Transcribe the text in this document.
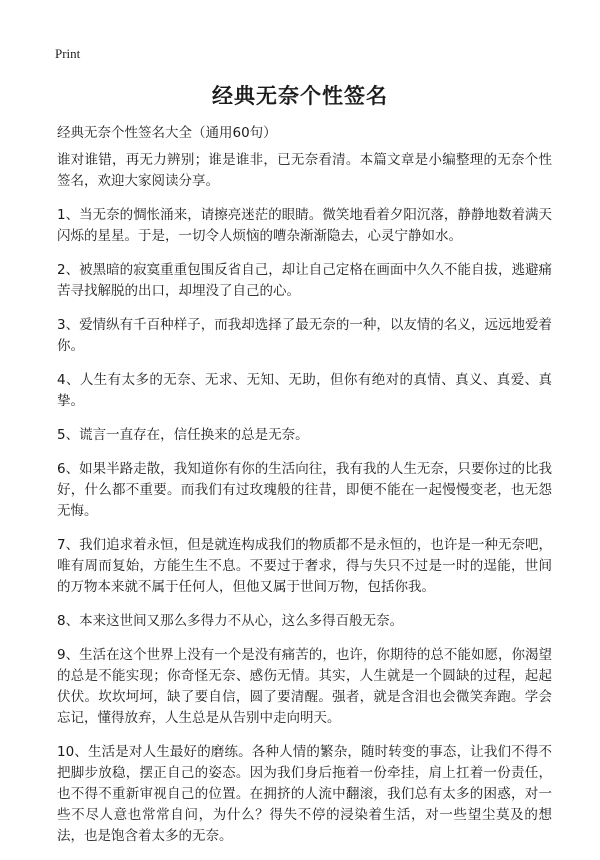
Print
经典无奈个性签名

经典无奈个性签名大全（通用60句）

谁对谁错，再无力辨别；谁是谁非，已无奈看清。本篇文章是小编整理的无奈个性签名，欢迎大家阅读分享。

1、当无奈的惆怅涌来，请擦亮迷茫的眼睛。微笑地看着夕阳沉落，静静地数着满天闪烁的星星。于是，一切令人烦恼的嘈杂渐渐隐去，心灵宁静如水。

2、被黑暗的寂寞重重包围反省自己，却让自己定格在画面中久久不能自拔，逃避痛苦寻找解脱的出口，却埋没了自己的心。

3、爱情纵有千百种样子，而我却选择了最无奈的一种，以友情的名义，远远地爱着你。

4、人生有太多的无奈、无求、无知、无助，但你有绝对的真情、真义、真爱、真挚。

5、谎言一直存在，信任换来的总是无奈。

6、如果半路走散，我知道你有你的生活向往，我有我的人生无奈，只要你过的比我好，什么都不重要。而我们有过玫瑰般的往昔，即便不能在一起慢慢变老，也无怨无悔。

7、我们追求着永恒，但是就连构成我们的物质都不是永恒的，也许是一种无奈吧，唯有周而复始，方能生生不息。不要过于奢求，得与失只不过是一时的逞能，世间的万物本来就不属于任何人，但他又属于世间万物，包括你我。

8、本来这世间又那么多得力不从心，这么多得百般无奈。

9、生活在这个世界上没有一个是没有痛苦的，也许，你期待的总不能如愿，你渴望的总是不能实现；你奇怪无奈、感伤无情。其实，人生就是一个圆缺的过程，起起伏伏。坎坎坷坷，缺了要自信，圆了要清醒。强者，就是含泪也会微笑奔跑。学会忘记，懂得放弃，人生总是从告别中走向明天。

10、生活是对人生最好的磨练。各种人情的繁杂，随时转变的事态，让我们不得不把脚步放稳，摆正自己的姿态。因为我们身后拖着一份牵挂，肩上扛着一份责任，也不得不重新审视自己的位置。在拥挤的人流中翻滚，我们总有太多的困惑，对一些不尽人意也常常自问，为什么？得失不停的浸染着生活，对一些望尘莫及的想法，也是饱含着太多的无奈。
